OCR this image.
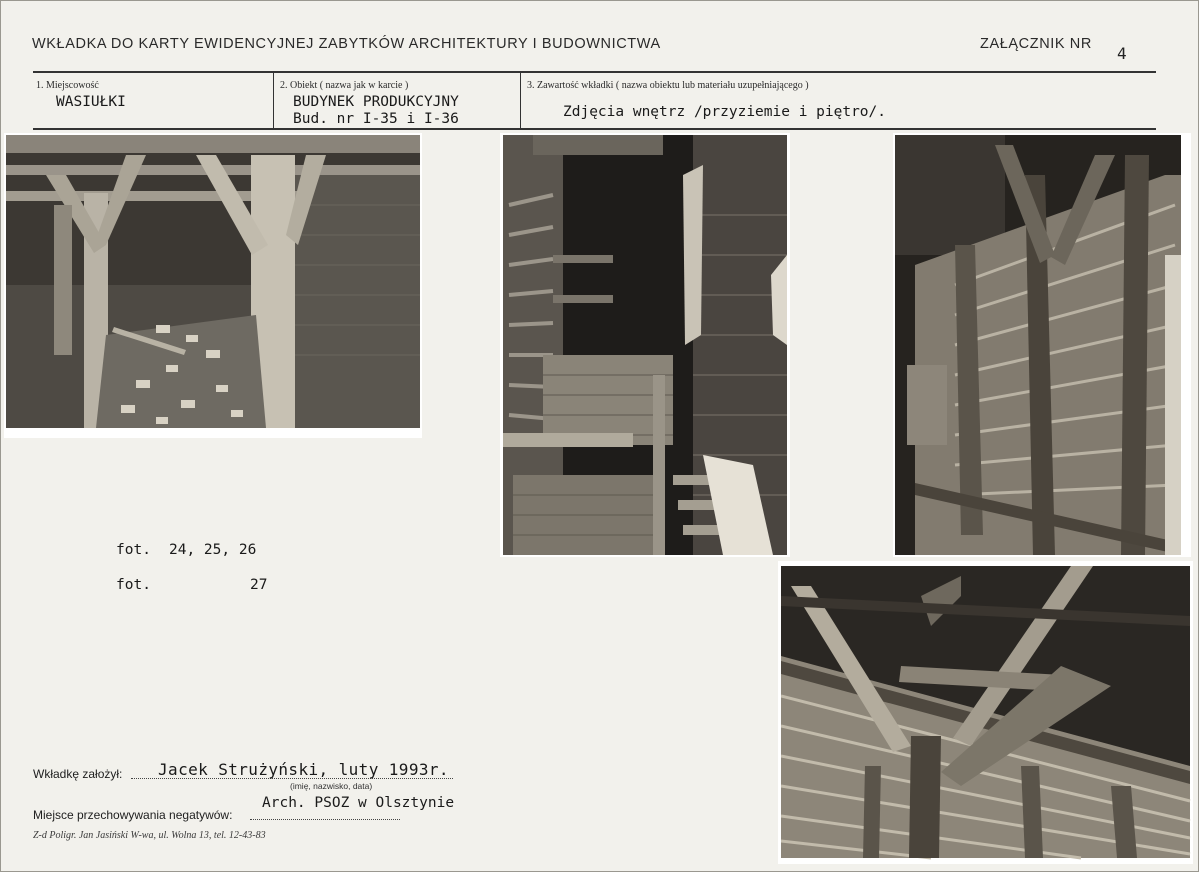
WKŁADKA DO KARTY EWIDENCYJNEJ ZABYTKÓW ARCHITEKTURY I BUDOWNICTWA	ZAŁĄCZNIK NR 4
1. Miejscowość
WASIUŁKI
2. Obiekt ( nazwa jak w karcie )
BUDYNEK PRODUKCYJNY
Bud. nr I-35 i I-36
3. Zawartość wkładki ( nazwa obiektu lub materiału uzupełniającego )
Zdjęcia wnętrz /przyziemie i piętro/.
fot. 24, 25, 26
fot.	27
Wkładkę założył: Jacek Strużyński, luty 1993r.
(imię, nazwisko, data)
Miejsce przechowywania negatywów:
Arch. PSOZ w Olsztynie
Z-d Poligr. Jan Jasiński W-wa, ul. Wolna 13, tel. 12-43-83
